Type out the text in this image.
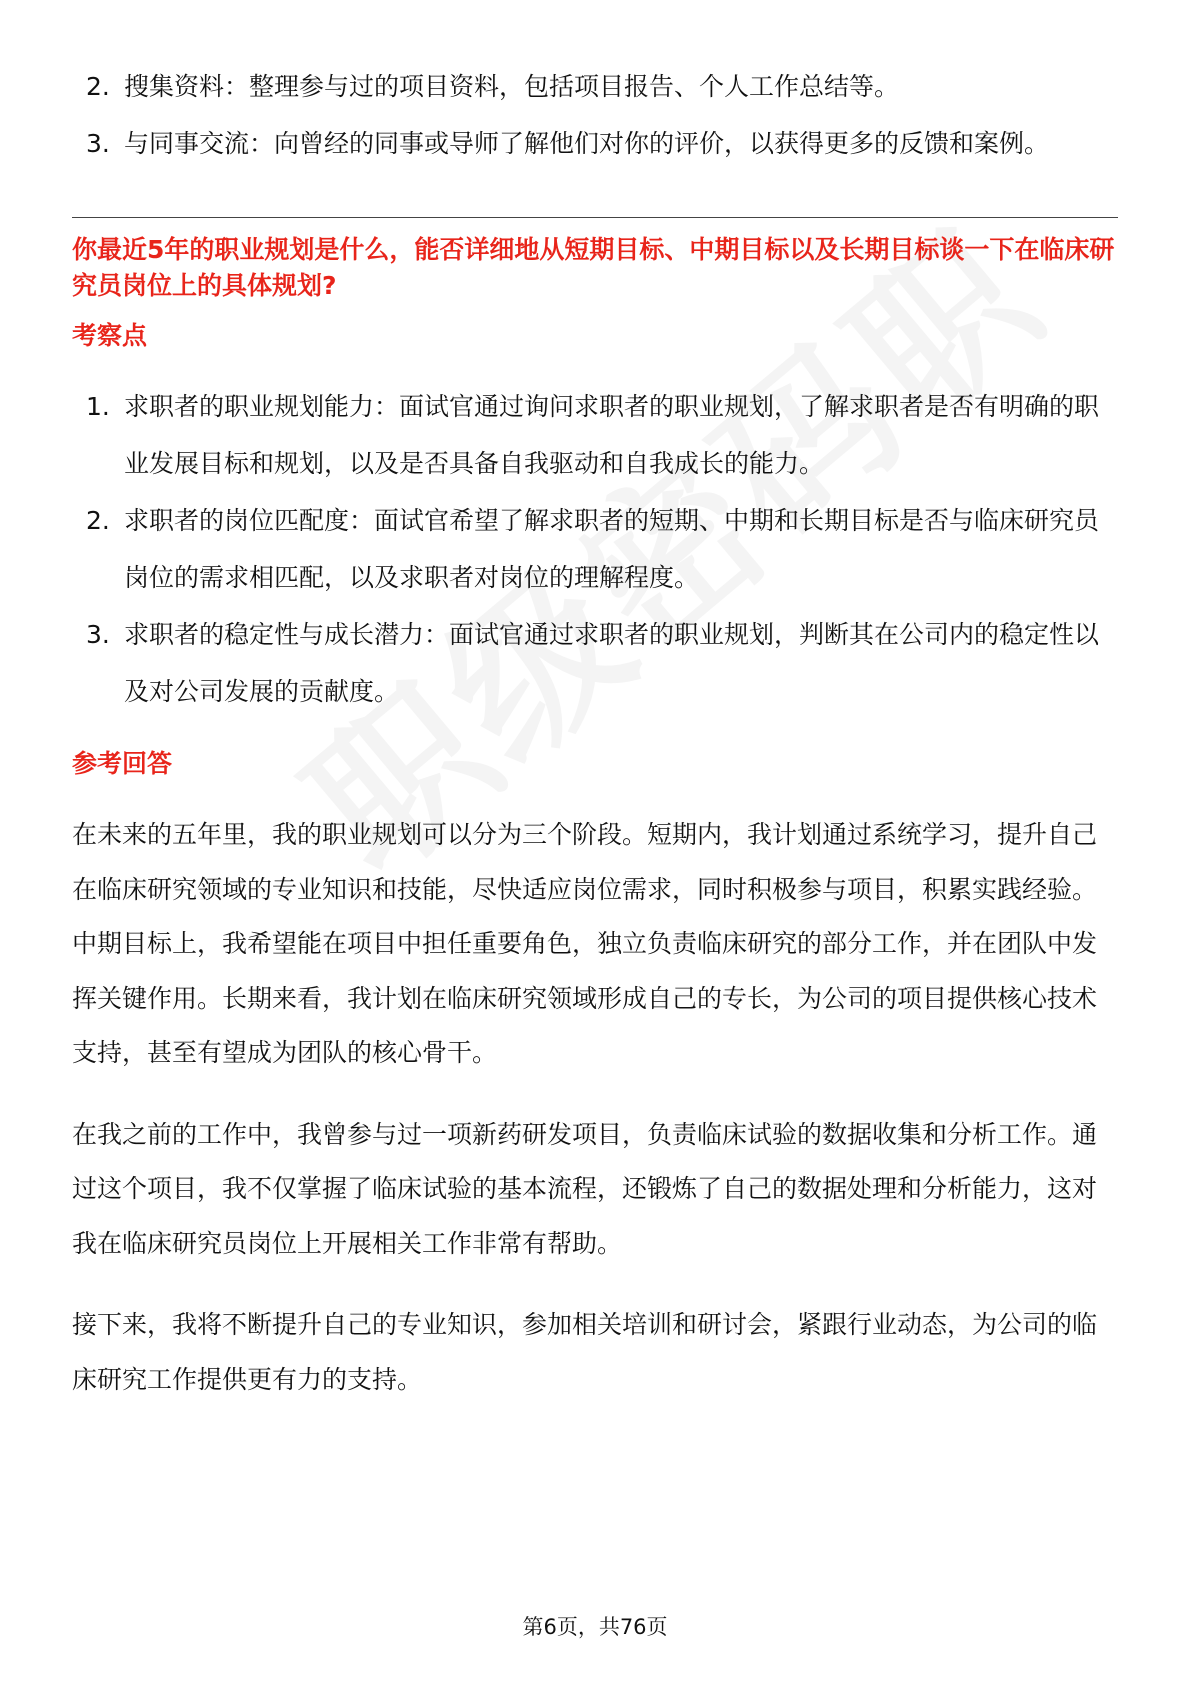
2. 搜集资料：整理参与过的项目资料，包括项目报告、个人工作总结等。
3. 与同事交流：向曾经的同事或导师了解他们对你的评价，以获得更多的反馈和案例。
你最近5年的职业规划是什么，能否详细地从短期目标、中期目标以及长期目标谈一下在临床研究员岗位上的具体规划?
考察点
1. 求职者的职业规划能力：面试官通过询问求职者的职业规划，了解求职者是否有明确的职业发展目标和规划，以及是否具备自我驱动和自我成长的能力。
2. 求职者的岗位匹配度：面试官希望了解求职者的短期、中期和长期目标是否与临床研究员岗位的需求相匹配，以及求职者对岗位的理解程度。
3. 求职者的稳定性与成长潜力：面试官通过求职者的职业规划，判断其在公司内的稳定性以及对公司发展的贡献度。
参考回答

在未来的五年里，我的职业规划可以分为三个阶段。短期内，我计划通过系统学习，提升自己在临床研究领域的专业知识和技能，尽快适应岗位需求，同时积极参与项目，积累实践经验。中期目标上，我希望能在项目中担任重要角色，独立负责临床研究的部分工作，并在团队中发挥关键作用。长期来看，我计划在临床研究领域形成自己的专长，为公司的项目提供核心技术支持，甚至有望成为团队的核心骨干。

在我之前的工作中，我曾参与过一项新药研发项目，负责临床试验的数据收集和分析工作。通过这个项目，我不仅掌握了临床试验的基本流程，还锻炼了自己的数据处理和分析能力，这对我在临床研究员岗位上开展相关工作非常有帮助。

接下来，我将不断提升自己的专业知识，参加相关培训和研讨会，紧跟行业动态，为公司的临床研究工作提供更有力的支持。

第6页，共76页
